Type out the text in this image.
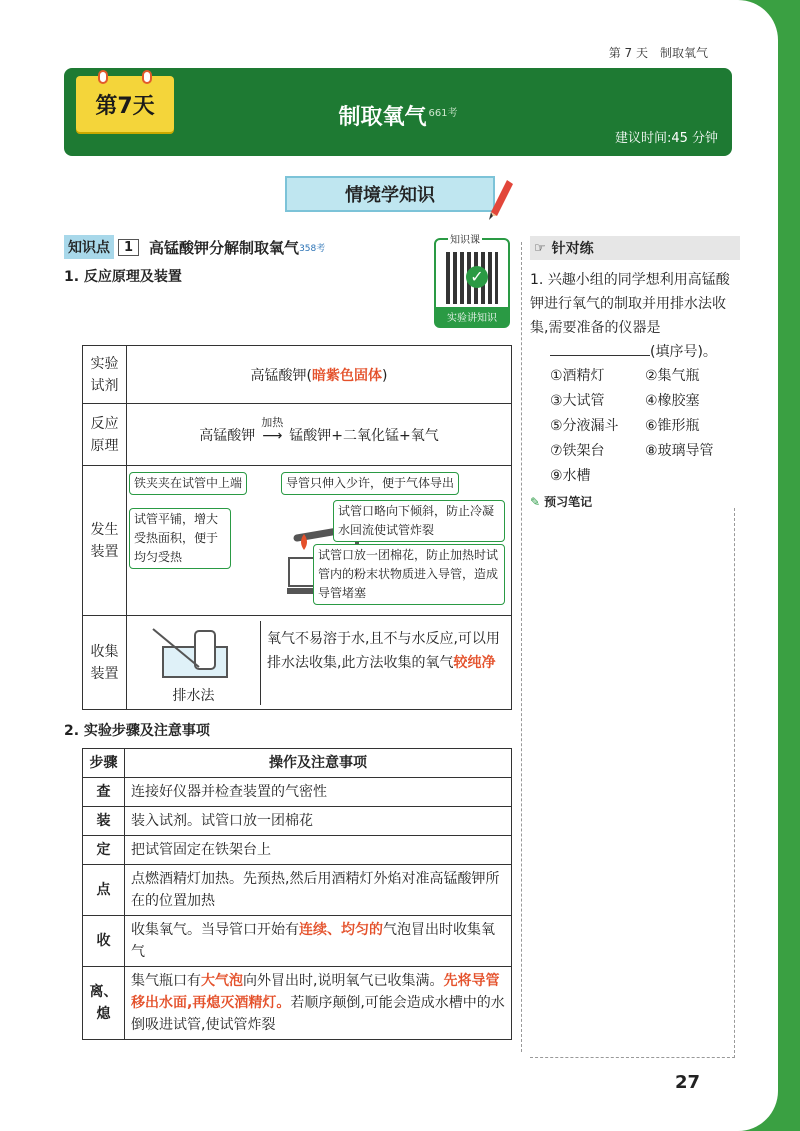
第 7 天　制取氧气
第7天	制取氧气 $^{661考}$
建议时间:45 分钟
情境学知识
知识点	1	高锰酸钾分解制取氧气 358考
知识课
✓
实验讲知识
1. 反应原理及装置
实验试剂	高锰酸钾(暗紫色固体)
反应原理	高锰酸钾
加热
⟶ 锰酸钾+二氧化锰+氧气
发生装置	铁夹夹在试管中上端 导管只伸入少许，便于气体导出
试管平铺，增大受热面积，便于均匀受热
试管口略向下倾斜，防止冷凝水回流使试管炸裂
试管口放一团棉花，防止加热时试管内的粉末状物质进入导管，造成导管堵塞

收集装置	排水法
氧气不易溶于水,且不与水反应,可以用排水法收集,此方法收集的氧气较纯净
2. 实验步骤及注意事项
步骤	操作及注意事项
查	连接好仪器并检查装置的气密性
装	装入试剂。试管口放一团棉花
定	把试管固定在铁架台上
点	点燃酒精灯加热。先预热,然后用酒精灯外焰对准高锰酸钾所在的位置加热
收	收集氧气。当导管口开始有连续、均匀的气泡冒出时收集氧气
离、熄	集气瓶口有大气泡向外冒出时,说明氧气已收集满。先将导管移出水面,再熄灭酒精灯。若顺序颠倒,可能会造成水槽中的水倒吸进试管,使试管炸裂
☞ 针对练
1. 兴趣小组的同学想利用高锰酸钾进行氧气的制取并用排水法收集,需要准备的仪器是
(填序号)。
①酒精灯	②集气瓶
③大试管	④橡胶塞
⑤分液漏斗	⑥锥形瓶
⑦铁架台	⑧玻璃导管
⑨水槽
✎ 预习笔记
27
